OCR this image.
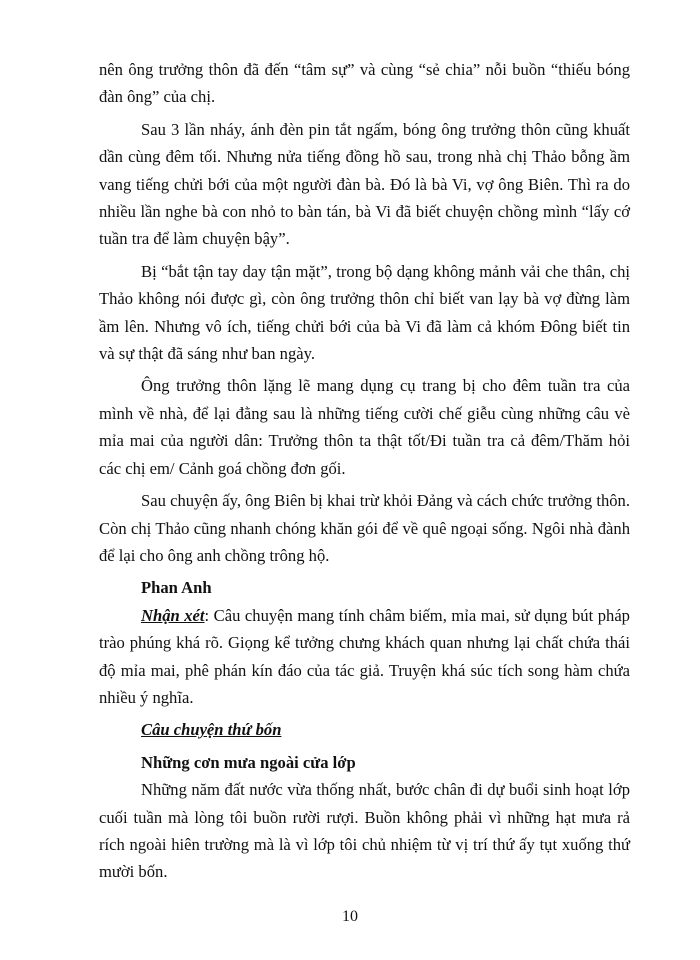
nên ông trưởng thôn đã đến “tâm sự” và cùng “sẻ chia” nỗi buồn “thiếu bóng đàn ông” của chị.

Sau 3 lần nháy, ánh đèn pin tắt ngấm, bóng ông trưởng thôn cũng khuất dần cùng đêm tối. Nhưng nửa tiếng đồng hồ sau, trong nhà chị Thảo bỗng ầm vang tiếng chửi bới của một người đàn bà. Đó là bà Vi, vợ ông Biên. Thì ra do nhiều lần nghe bà con nhỏ to bàn tán, bà Vi đã biết chuyện chồng mình “lấy cớ tuần tra để làm chuyện bậy”.

Bị “bắt tận tay day tận mặt”, trong bộ dạng không mảnh vải che thân, chị Thảo không nói được gì, còn ông trưởng thôn chỉ biết van lạy bà vợ đừng làm ầm lên. Nhưng vô ích, tiếng chửi bới của bà Vi đã làm cả khóm Đông biết tin và sự thật đã sáng như ban ngày.

Ông trưởng thôn lặng lẽ mang dụng cụ trang bị cho đêm tuần tra của mình về nhà, để lại đằng sau là những tiếng cười chế giễu cùng những câu vè mỉa mai của người dân: Trưởng thôn ta thật tốt/Đi tuần tra cả đêm/Thăm hỏi các chị em/ Cảnh goá chồng đơn gối.

Sau chuyện ấy, ông Biên bị khai trừ khỏi Đảng và cách chức trưởng thôn. Còn chị Thảo cũng nhanh chóng khăn gói để về quê ngoại sống. Ngôi nhà đành để lại cho ông anh chồng trông hộ.

Phan Anh

Nhận xét: Câu chuyện mang tính châm biếm, mỉa mai, sử dụng bút pháp trào phúng khá rõ. Giọng kể tưởng chưng khách quan nhưng lại chất chứa thái độ mỉa mai, phê phán kín đáo của tác giả. Truyện khá súc tích song hàm chứa nhiều ý nghĩa.

Câu chuyện thứ bốn

Những cơn mưa ngoài cửa lớp

Những năm đất nước vừa thống nhất, bước chân đi dự buổi sinh hoạt lớp cuối tuần mà lòng tôi buồn rười rượi. Buồn không phải vì những hạt mưa rả rích ngoài hiên trường mà là vì lớp tôi chủ nhiệm từ vị trí thứ ấy tụt xuống thứ mười bốn.

10
